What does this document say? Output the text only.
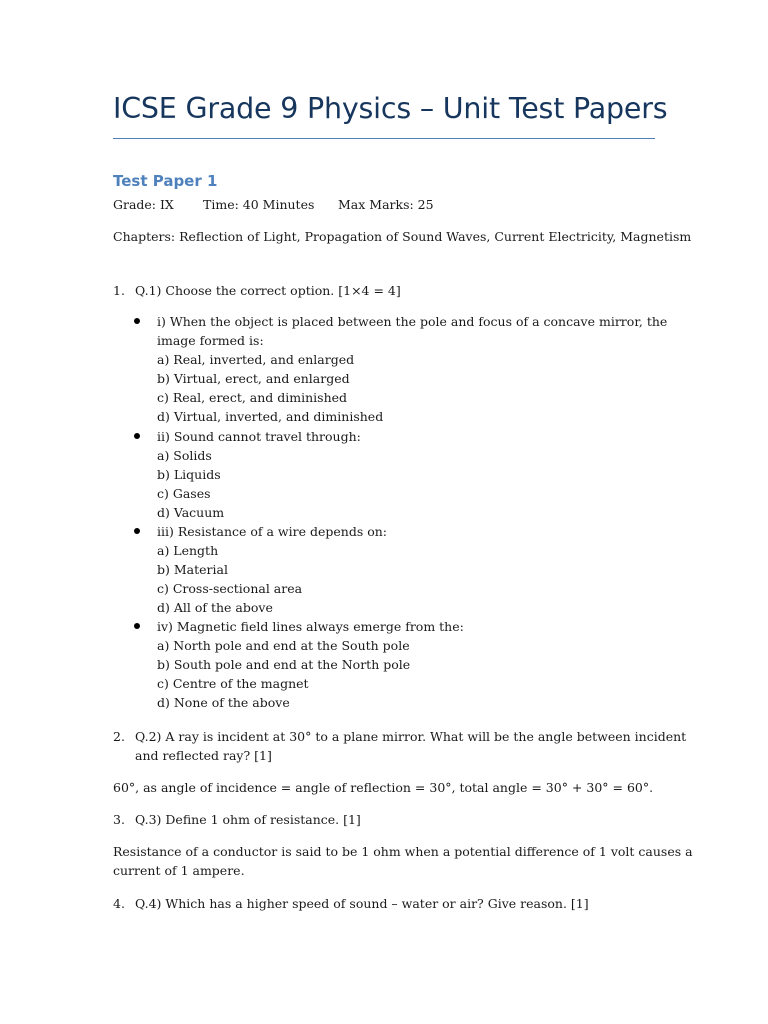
ICSE Grade 9 Physics – Unit Test Papers
Test Paper 1
Grade: IX Time: 40 Minutes Max Marks: 25
Chapters: Reflection of Light, Propagation of Sound Waves, Current Electricity, Magnetism
1. Q.1) Choose the correct option. [1×4 = 4]
i) When the object is placed between the pole and focus of a concave mirror, the
image formed is:
a) Real, inverted, and enlarged
b) Virtual, erect, and enlarged
c) Real, erect, and diminished
d) Virtual, inverted, and diminished
ii) Sound cannot travel through:
a) Solids
b) Liquids
c) Gases
d) Vacuum
iii) Resistance of a wire depends on:
a) Length
b) Material
c) Cross-sectional area
d) All of the above
iv) Magnetic field lines always emerge from the:
a) North pole and end at the South pole
b) South pole and end at the North pole
c) Centre of the magnet
d) None of the above
2. Q.2) A ray is incident at 30° to a plane mirror. What will be the angle between incident
and reflected ray? [1]
60°, as angle of incidence = angle of reflection = 30°, total angle = 30° + 30° = 60°.
3. Q.3) Define 1 ohm of resistance. [1]
Resistance of a conductor is said to be 1 ohm when a potential difference of 1 volt causes a
current of 1 ampere.
4. Q.4) Which has a higher speed of sound – water or air? Give reason. [1]
